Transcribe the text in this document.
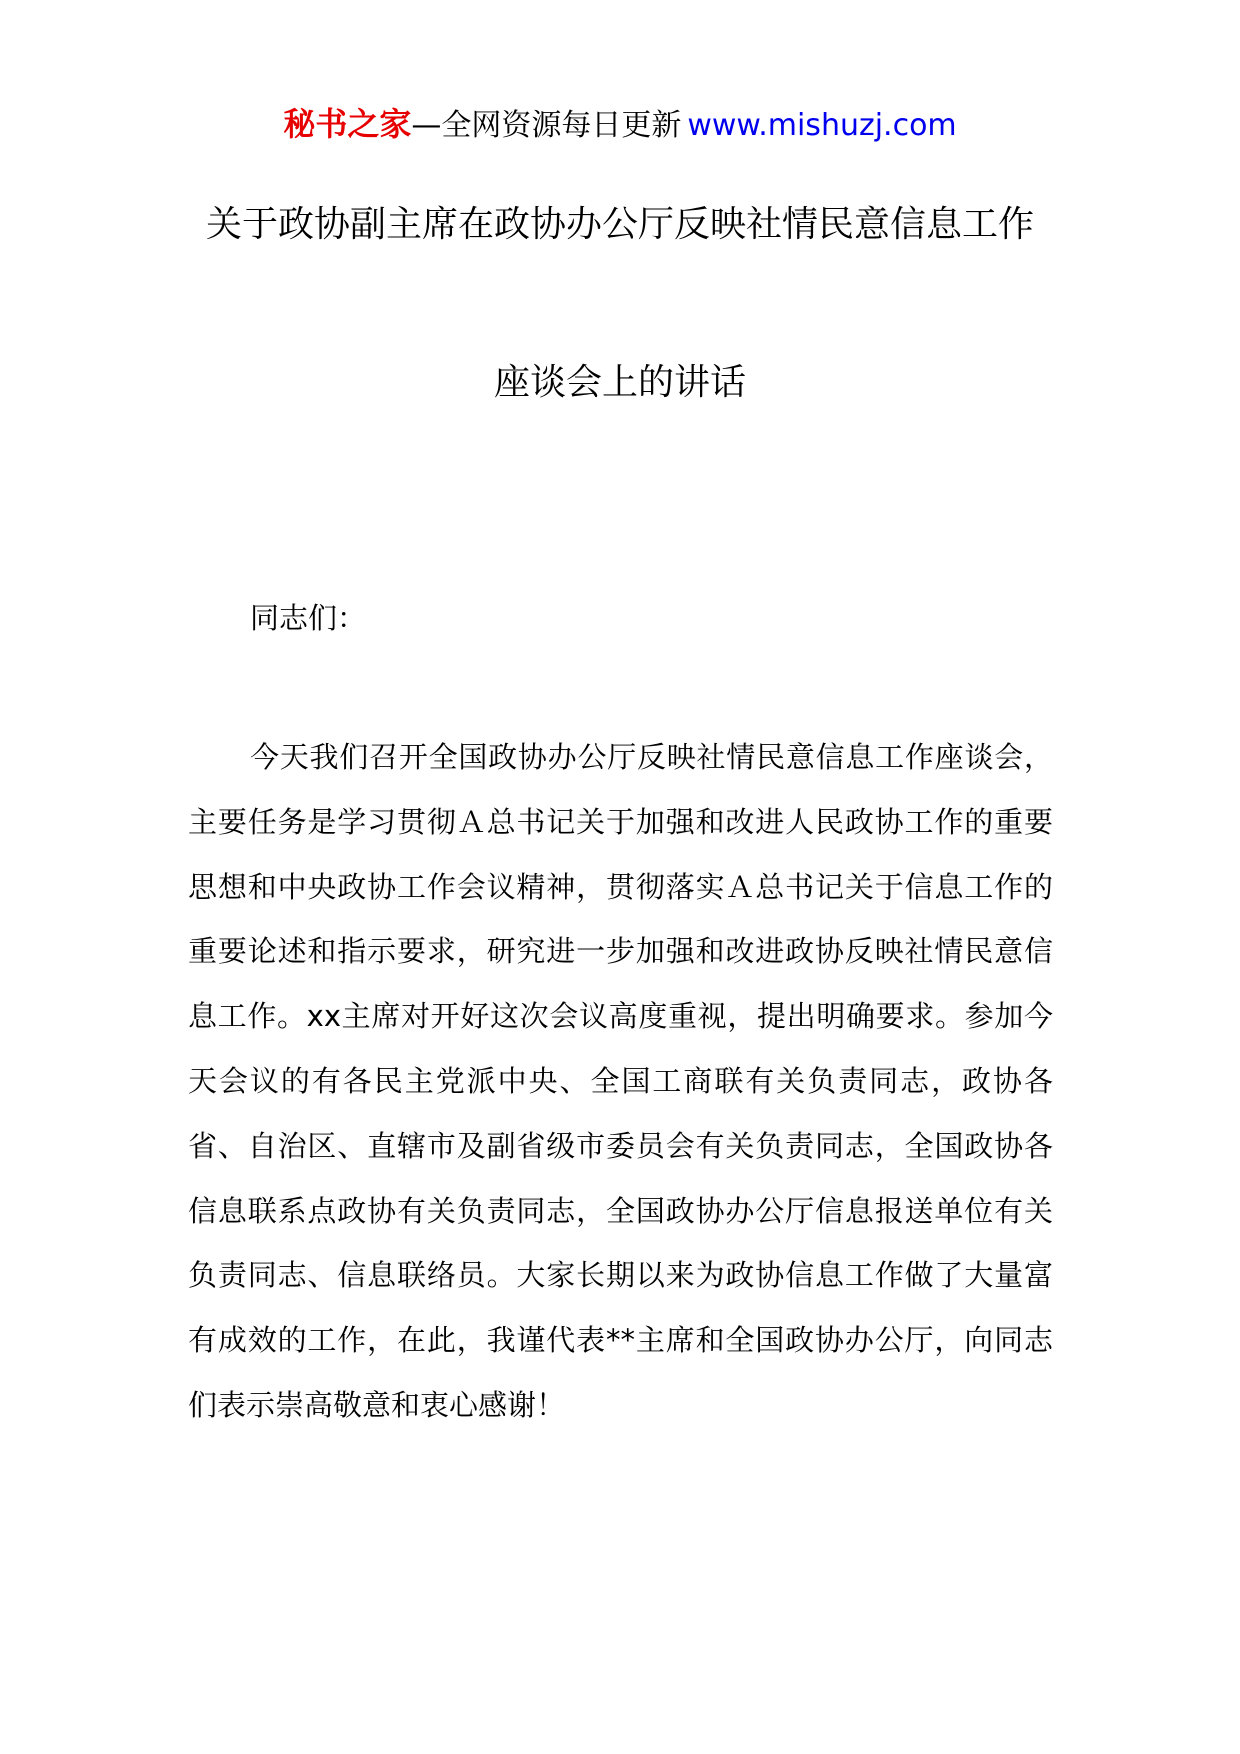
秘书之家—全网资源每日更新 www.mishuzj.com
关于政协副主席在政协办公厅反映社情民意信息工作
座谈会上的讲话
同志们：

今天我们召开全国政协办公厅反映社情民意信息工作座谈会，主要任务是学习贯彻Ａ总书记关于加强和改进人民政协工作的重要思想和中央政协工作会议精神，贯彻落实Ａ总书记关于信息工作的重要论述和指示要求，研究进一步加强和改进政协反映社情民意信息工作。xx主席对开好这次会议高度重视，提出明确要求。参加今天会议的有各民主党派中央、全国工商联有关负责同志，政协各省、自治区、直辖市及副省级市委员会有关负责同志，全国政协各信息联系点政协有关负责同志，全国政协办公厅信息报送单位有关负责同志、信息联络员。大家长期以来为政协信息工作做了大量富有成效的工作，在此，我谨代表**主席和全国政协办公厅，向同志们表示崇高敬意和衷心感谢！
